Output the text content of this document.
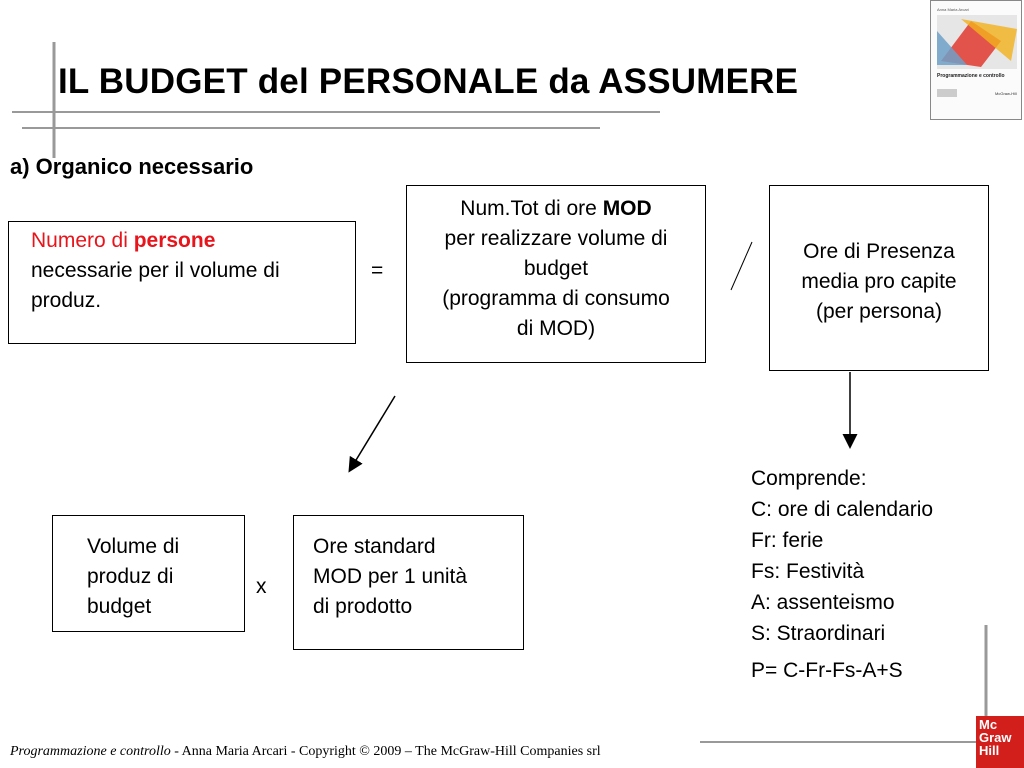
IL BUDGET del PERSONALE da ASSUMERE
a) Organico necessario
Numero di persone
necessarie per il volume di
produz.
=
Num.Tot di ore MOD
per realizzare volume di
budget
(programma di consumo
di MOD)
Ore di Presenza
media pro capite
(per persona)
Volume di
produz di
budget
x
Ore standard
MOD per 1 unità
di prodotto
Comprende:
C: ore di calendario
Fr: ferie
Fs: Festività
A: assenteismo
S: Straordinari
P= C-Fr-Fs-A+S
Anna Maria Arcari
Programmazione e controllo
McGraw-Hill
Mc
Graw
Hill
Programmazione e controllo - Anna Maria Arcari - Copyright © 2009 – The McGraw-Hill Companies srl
